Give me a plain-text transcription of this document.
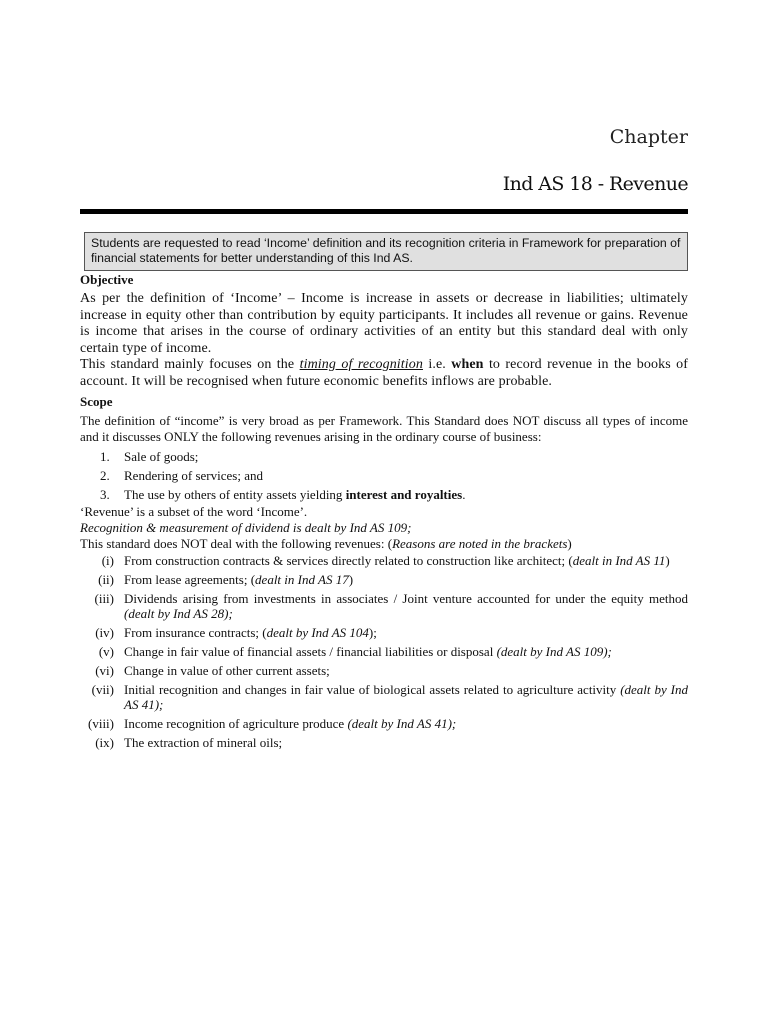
Chapter
Ind AS 18 - Revenue
Students are requested to read ‘Income’ definition and its recognition criteria in Framework for preparation of financial statements for better understanding of this Ind AS.
Objective

As per the definition of ‘Income’ – Income is increase in assets or decrease in liabilities; ultimately increase in equity other than contribution by equity participants. It includes all revenue or gains. Revenue is income that arises in the course of ordinary activities of an entity but this standard deal with only certain type of income.

This standard mainly focuses on the timing of recognition i.e. when to record revenue in the books of account. It will be recognised when future economic benefits inflows are probable.

Scope

The definition of “income” is very broad as per Framework. This Standard does NOT discuss all types of income and it discusses ONLY the following revenues arising in the ordinary course of business:

1. Sale of goods;
2. Rendering of services; and
3. The use by others of entity assets yielding interest and royalties.

‘Revenue’ is a subset of the word ‘Income’.

Recognition & measurement of dividend is dealt by Ind AS 109;

This standard does NOT deal with the following revenues: (Reasons are noted in the brackets)

(i) From construction contracts & services directly related to construction like architect; (dealt in Ind AS 11)
(ii) From lease agreements; (dealt in Ind AS 17)
(iii) Dividends arising from investments in associates / Joint venture accounted for under the equity method (dealt by Ind AS 28);
(iv) From insurance contracts; (dealt by Ind AS 104);
(v) Change in fair value of financial assets / financial liabilities or disposal (dealt by Ind AS 109);
(vi) Change in value of other current assets;
(vii) Initial recognition and changes in fair value of biological assets related to agriculture activity (dealt by Ind AS 41);
(viii) Income recognition of agriculture produce (dealt by Ind AS 41);
(ix) The extraction of mineral oils;
